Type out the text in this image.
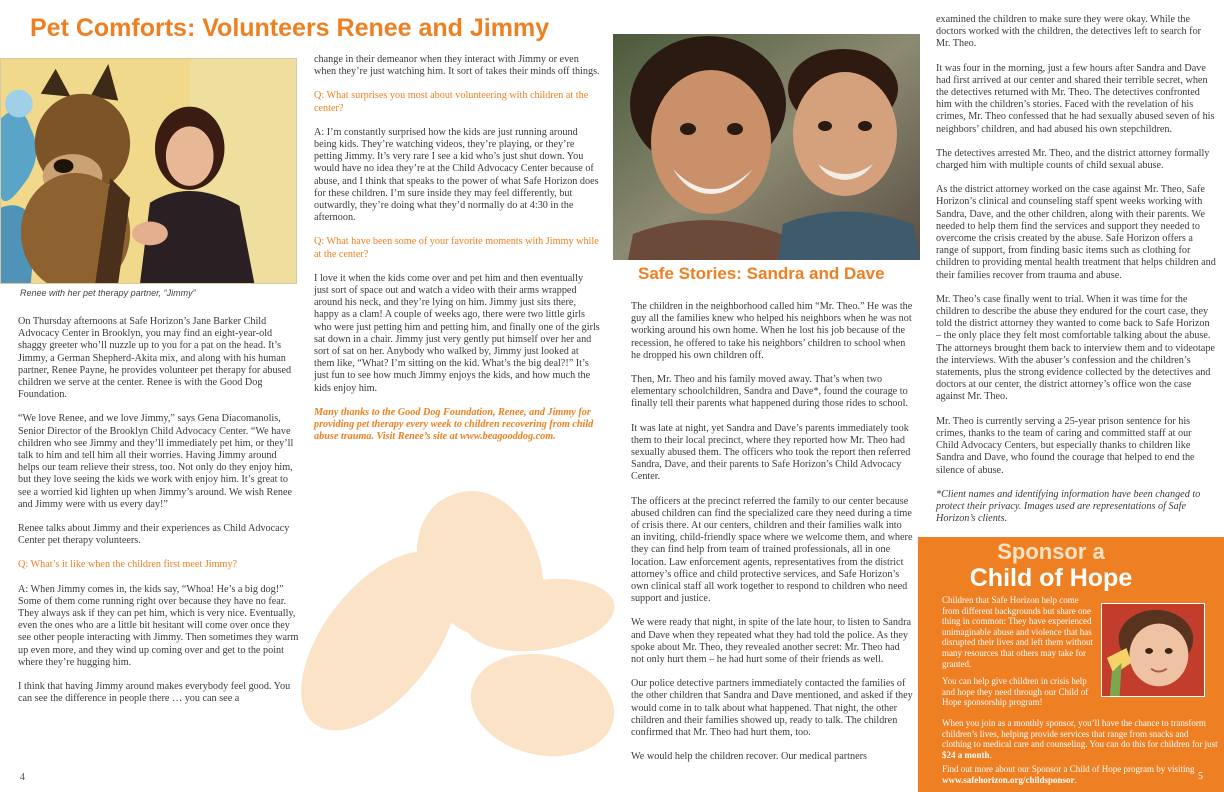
Pet Comforts: Volunteers Renee and Jimmy
Renee with her pet therapy partner, “Jimmy”

On Thursday afternoons at Safe Horizon’s Jane Barker Child Advocacy Center in Brooklyn, you may find an eight-year-old shaggy greeter who’ll nuzzle up to you for a pat on the head. It’s Jimmy, a German Shepherd-Akita mix, and along with his human partner, Renee Payne, he provides volunteer pet therapy for abused children we serve at the center. Renee is with the Good Dog Foundation.

“We love Renee, and we love Jimmy,” says Gena Diacomanolis, Senior Director of the Brooklyn Child Advocacy Center. “We have children who see Jimmy and they’ll immediately pet him, or they’ll talk to him and tell him all their worries. Having Jimmy around helps our team relieve their stress, too. Not only do they enjoy him, but they love seeing the kids we work with enjoy him. It’s great to see a worried kid lighten up when Jimmy’s around. We wish Renee and Jimmy were with us every day!”

Renee talks about Jimmy and their experiences as Child Advocacy Center pet therapy volunteers.

Q: What’s it like when the children first meet Jimmy?

A: When Jimmy comes in, the kids say, “Whoa! He’s a big dog!” Some of them come running right over because they have no fear. They always ask if they can pet him, which is very nice. Eventually, even the ones who are a little bit hesitant will come over once they see other people interacting with Jimmy. Then sometimes they warm up even more, and they wind up coming over and get to the point where they’re hugging him.

I think that having Jimmy around makes everybody feel good. You can see the difference in people there … you can see a

change in their demeanor when they interact with Jimmy or even when they’re just watching him. It sort of takes their minds off things.

Q: What surprises you most about volunteering with children at the center?

A: I’m constantly surprised how the kids are just running around being kids. They’re watching videos, they’re playing, or they’re petting Jimmy. It’s very rare I see a kid who’s just shut down. You would have no idea they’re at the Child Advocacy Center because of abuse, and I think that speaks to the power of what Safe Horizon does for these children. I’m sure inside they may feel differently, but outwardly, they’re doing what they’d normally do at 4:30 in the afternoon.

Q: What have been some of your favorite moments with Jimmy while at the center?

I love it when the kids come over and pet him and then eventually just sort of space out and watch a video with their arms wrapped around his neck, and they’re lying on him. Jimmy just sits there, happy as a clam! A couple of weeks ago, there were two little girls who were just petting him and petting him, and finally one of the girls sat down in a chair. Jimmy just very gently put himself over her and sort of sat on her. Anybody who walked by, Jimmy just looked at them like, “What? I’m sitting on the kid. What’s the big deal?!” It’s just fun to see how much Jimmy enjoys the kids, and how much the kids enjoy him.

Many thanks to the Good Dog Foundation, Renee, and Jimmy for providing pet therapy every week to children recovering from child abuse trauma. Visit Renee’s site at www.beagooddog.com.

4
Safe Stories: Sandra and Dave

The children in the neighborhood called him “Mr. Theo.” He was the guy all the families knew who helped his neighbors when he was not working around his own home. When he lost his job because of the recession, he offered to take his neighbors’ children to school when he dropped his own children off.

Then, Mr. Theo and his family moved away. That’s when two elementary schoolchildren, Sandra and Dave*, found the courage to finally tell their parents what happened during those rides to school.

It was late at night, yet Sandra and Dave’s parents immediately took them to their local precinct, where they reported how Mr. Theo had sexually abused them. The officers who took the report then referred Sandra, Dave, and their parents to Safe Horizon’s Child Advocacy Center.

The officers at the precinct referred the family to our center because abused children can find the specialized care they need during a time of crisis there. At our centers, children and their families walk into an inviting, child-friendly space where we welcome them, and where they can find help from team of trained professionals, all in one location. Law enforcement agents, representatives from the district attorney’s office and child protective services, and Safe Horizon’s own clinical staff all work together to respond to children who need support and justice.

We were ready that night, in spite of the late hour, to listen to Sandra and Dave when they repeated what they had told the police. As they spoke about Mr. Theo, they revealed another secret: Mr. Theo had not only hurt them – he had hurt some of their friends as well.

Our police detective partners immediately contacted the families of the other children that Sandra and Dave mentioned, and asked if they would come in to talk about what happened. That night, the other children and their families showed up, ready to talk. The children confirmed that Mr. Theo had hurt them, too.

We would help the children recover. Our medical partners

examined the children to make sure they were okay. While the doctors worked with the children, the detectives left to search for Mr. Theo.

It was four in the morning, just a few hours after Sandra and Dave had first arrived at our center and shared their terrible secret, when the detectives returned with Mr. Theo. The detectives confronted him with the children’s stories. Faced with the revelation of his crimes, Mr. Theo confessed that he had sexually abused seven of his neighbors’ children, and had abused his own stepchildren.

The detectives arrested Mr. Theo, and the district attorney formally charged him with multiple counts of child sexual abuse.

As the district attorney worked on the case against Mr. Theo, Safe Horizon’s clinical and counseling staff spent weeks working with Sandra, Dave, and the other children, along with their parents. We needed to help them find the services and support they needed to overcome the crisis created by the abuse. Safe Horizon offers a range of support, from finding basic items such as clothing for children to providing mental health treatment that helps children and their families recover from trauma and abuse.

Mr. Theo’s case finally went to trial. When it was time for the children to describe the abuse they endured for the court case, they told the district attorney they wanted to come back to Safe Horizon – the only place they felt most comfortable talking about the abuse. The attorneys brought them back to interview them and to videotape the interviews. With the abuser’s confession and the children’s statements, plus the strong evidence collected by the detectives and doctors at our center, the district attorney’s office won the case against Mr. Theo.

Mr. Theo is currently serving a 25-year prison sentence for his crimes, thanks to the team of caring and committed staff at our Child Advocacy Centers, but especially thanks to children like Sandra and Dave, who found the courage that helped to end the silence of abuse.

*Client names and identifying information have been changed to protect their privacy. Images used are representations of Safe Horizon’s clients.

Sponsor a
Child of Hope
Children that Safe Horizon help come from different backgrounds but share one thing in common: They have experienced unimaginable abuse and violence that has disrupted their lives and left them without many resources that others may take for granted.
You can help give children in crisis help and hope they need through our Child of Hope sponsorship program!
When you join as a monthly sponsor, you’ll have the chance to transform children’s lives, helping provide services that range from snacks and clothing to medical care and counseling. You can do this for children for just $24 a month.
Find out more about our Sponsor a Child of Hope program by visiting www.safehorizon.org/childsponsor.	5
